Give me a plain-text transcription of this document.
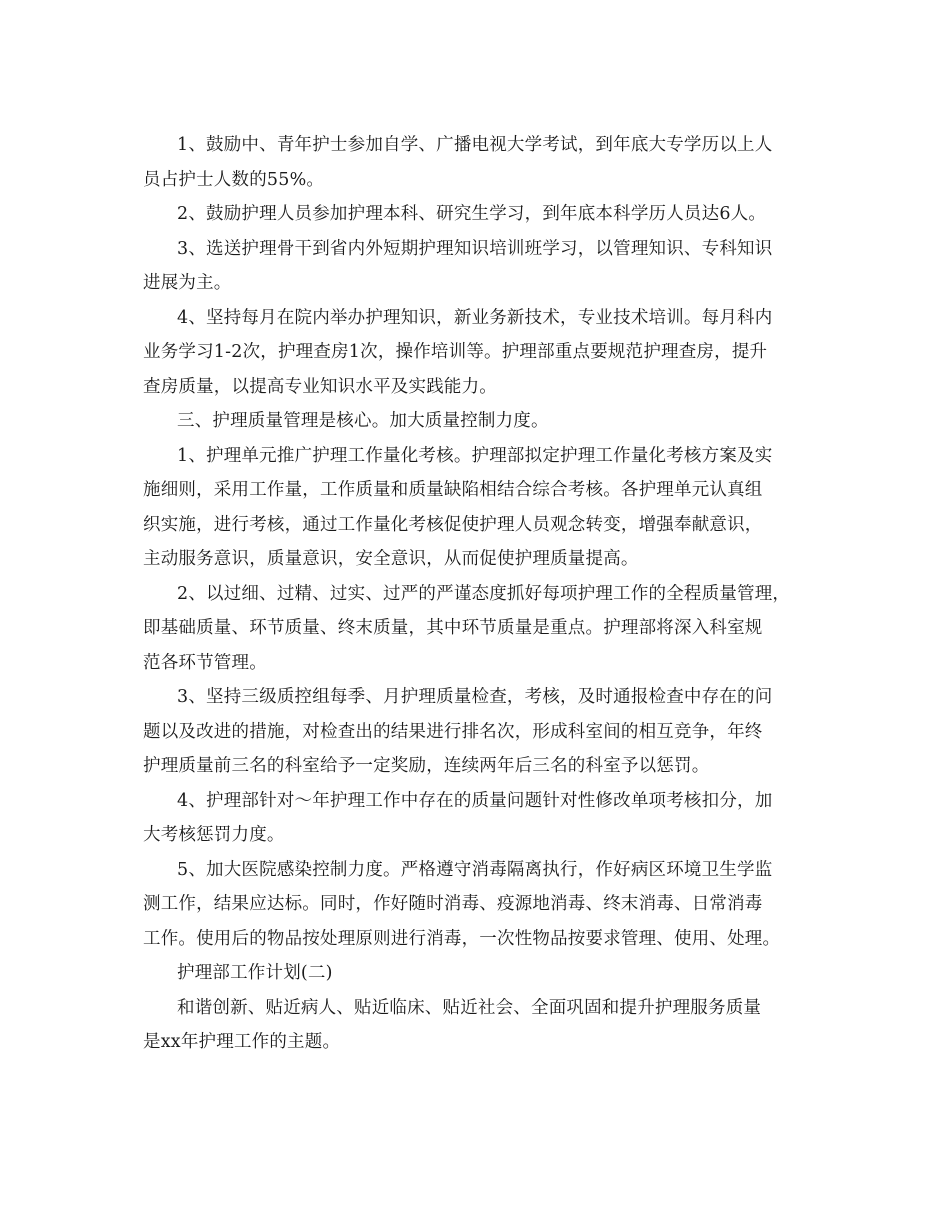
1、鼓励中、青年护士参加自学、广播电视大学考试，到年底大专学历以上人
员占护士人数的55%。
2、鼓励护理人员参加护理本科、研究生学习，到年底本科学历人员达6人。
3、选送护理骨干到省内外短期护理知识培训班学习，以管理知识、专科知识
进展为主。
4、坚持每月在院内举办护理知识，新业务新技术，专业技术培训。每月科内
业务学习1-2次，护理查房1次，操作培训等。护理部重点要规范护理查房，提升
查房质量，以提高专业知识水平及实践能力。
三、护理质量管理是核心。加大质量控制力度。
1、护理单元推广护理工作量化考核。护理部拟定护理工作量化考核方案及实
施细则，采用工作量，工作质量和质量缺陷相结合综合考核。各护理单元认真组
织实施，进行考核，通过工作量化考核促使护理人员观念转变，增强奉献意识，
主动服务意识，质量意识，安全意识，从而促使护理质量提高。
2、以过细、过精、过实、过严的严谨态度抓好每项护理工作的全程质量管理，
即基础质量、环节质量、终末质量，其中环节质量是重点。护理部将深入科室规
范各环节管理。
3、坚持三级质控组每季、月护理质量检查，考核，及时通报检查中存在的问
题以及改进的措施，对检查出的结果进行排名次，形成科室间的相互竞争，年终
护理质量前三名的科室给予一定奖励，连续两年后三名的科室予以惩罚。
4、护理部针对～年护理工作中存在的质量问题针对性修改单项考核扣分，加
大考核惩罚力度。
5、加大医院感染控制力度。严格遵守消毒隔离执行，作好病区环境卫生学监
测工作，结果应达标。同时，作好随时消毒、疫源地消毒、终末消毒、日常消毒
工作。使用后的物品按处理原则进行消毒，一次性物品按要求管理、使用、处理。
护理部工作计划(二)
和谐创新、贴近病人、贴近临床、贴近社会、全面巩固和提升护理服务质量
是xx年护理工作的主题。
